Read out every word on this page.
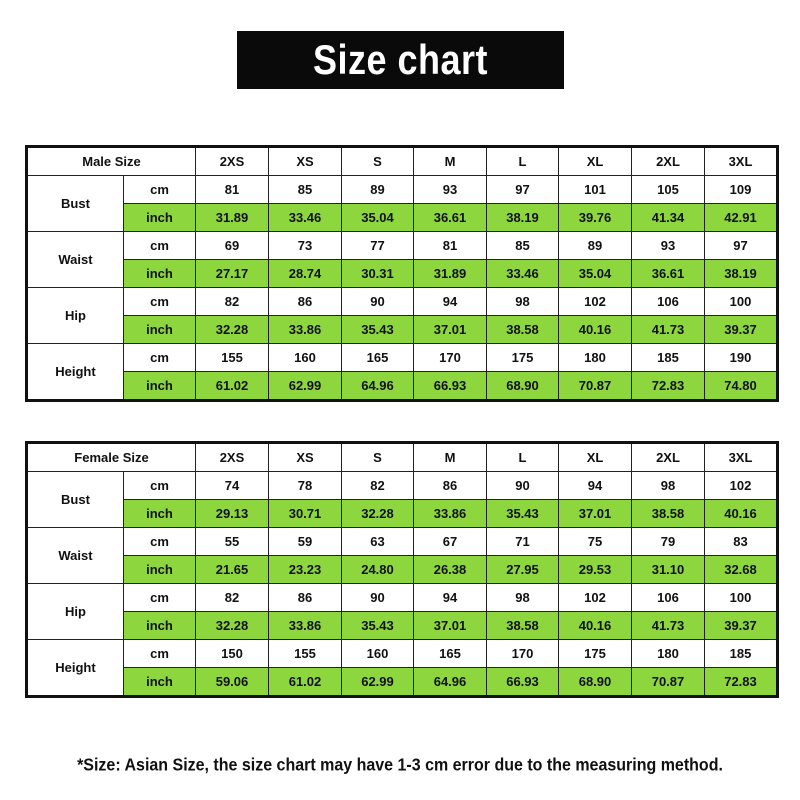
Size chart
Male Size		2XS	XS	S	M	L	XL	2XL	3XL
Bust	cm	81	85	89	93	97	101	105	109
	inch	31.89	33.46	35.04	36.61	38.19	39.76	41.34	42.91
Waist	cm	69	73	77	81	85	89	93	97
	inch	27.17	28.74	30.31	31.89	33.46	35.04	36.61	38.19
Hip	cm	82	86	90	94	98	102	106	100
	inch	32.28	33.86	35.43	37.01	38.58	40.16	41.73	39.37
Height	cm	155	160	165	170	175	180	185	190
	inch	61.02	62.99	64.96	66.93	68.90	70.87	72.83	74.80
Female Size		2XS	XS	S	M	L	XL	2XL	3XL
Bust	cm	74	78	82	86	90	94	98	102
	inch	29.13	30.71	32.28	33.86	35.43	37.01	38.58	40.16
Waist	cm	55	59	63	67	71	75	79	83
	inch	21.65	23.23	24.80	26.38	27.95	29.53	31.10	32.68
Hip	cm	82	86	90	94	98	102	106	100
	inch	32.28	33.86	35.43	37.01	38.58	40.16	41.73	39.37
Height	cm	150	155	160	165	170	175	180	185
	inch	59.06	61.02	62.99	64.96	66.93	68.90	70.87	72.83
*Size: Asian Size, the size chart may have 1-3 cm error due to the measuring method.
